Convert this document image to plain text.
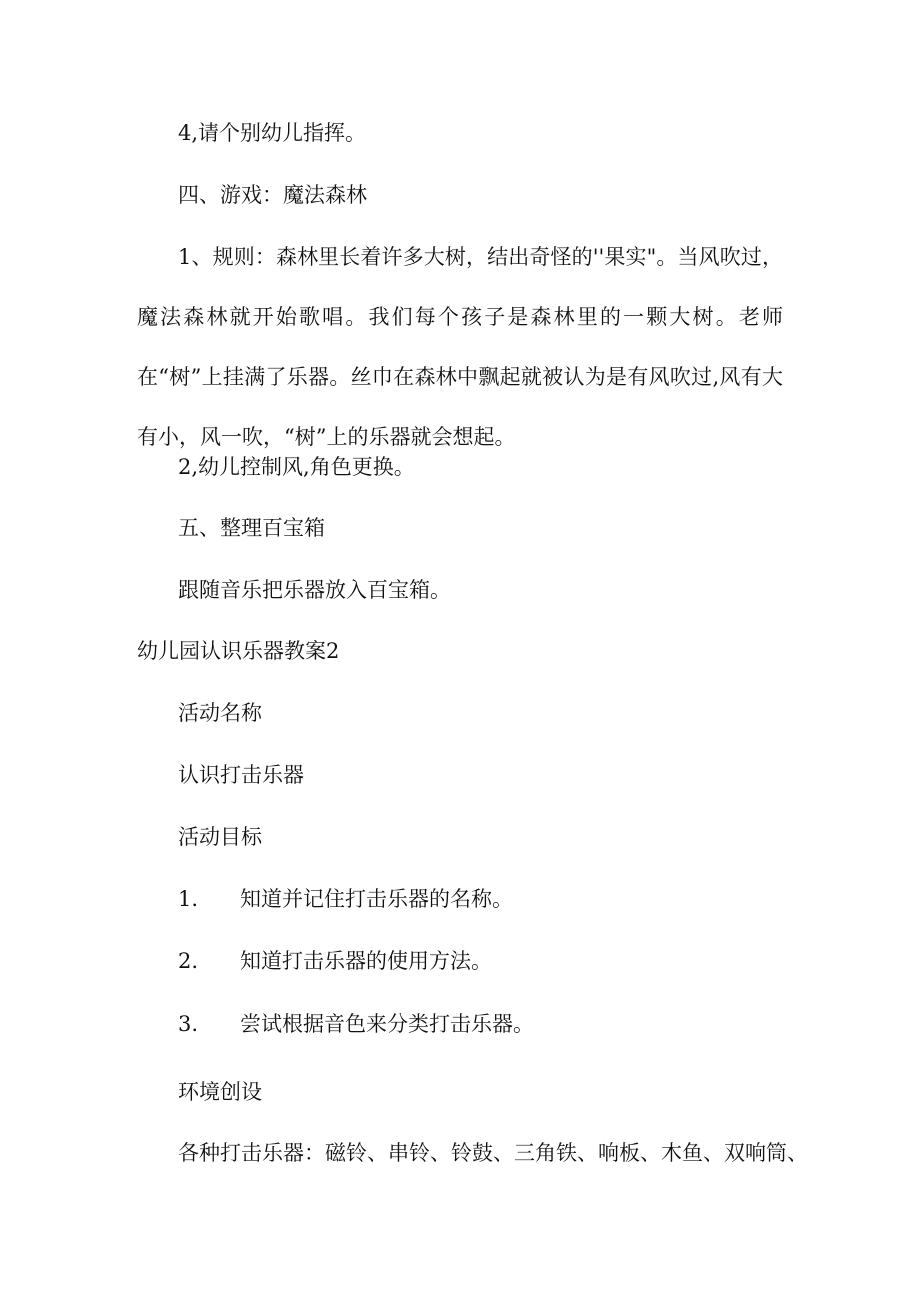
4,请个别幼儿指挥。
四、游戏：魔法森林
1、规则：森林里长着许多大树，结出奇怪的''果实"。当风吹过，魔法森林就开始歌唱。我们每个孩子是森林里的一颗大树。老师在“树”上挂满了乐器。丝巾在森林中飘起就被认为是有风吹过,风有大有小，风一吹，“树”上的乐器就会想起。
2,幼儿控制风,角色更换。
五、整理百宝箱
跟随音乐把乐器放入百宝箱。
幼儿园认识乐器教案2
活动名称
认识打击乐器
活动目标
1. 知道并记住打击乐器的名称。
2. 知道打击乐器的使用方法。
3. 尝试根据音色来分类打击乐器。
环境创设
各种打击乐器：磁铃、串铃、铃鼓、三角铁、响板、木鱼、双响筒、
